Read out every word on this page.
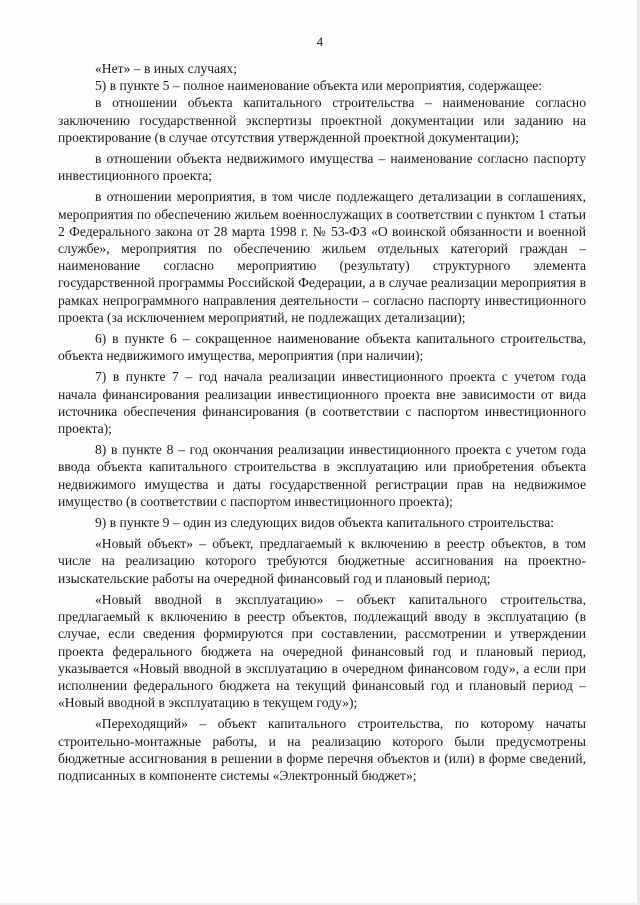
4

«Нет» – в иных случаях;

5) в пункте 5 – полное наименование объекта или мероприятия, содержащее:

в отношении объекта капитального строительства – наименование согласно заключению государственной экспертизы проектной документации или заданию на проектирование (в случае отсутствия утвержденной проектной документации);

в отношении объекта недвижимого имущества – наименование согласно паспорту инвестиционного проекта;

в отношении мероприятия, в том числе подлежащего детализации в соглашениях, мероприятия по обеспечению жильем военнослужащих в соответствии с пунктом 1 статьи 2 Федерального закона от 28 марта 1998 г. № 53-ФЗ «О воинской обязанности и военной службе», мероприятия по обеспечению жильем отдельных категорий граждан – наименование согласно мероприятию (результату) структурного элемента государственной программы Российской Федерации, а в случае реализации мероприятия в рамках непрограммного направления деятельности – согласно паспорту инвестиционного проекта (за исключением мероприятий, не подлежащих детализации);

6) в пункте 6 – сокращенное наименование объекта капитального строительства, объекта недвижимого имущества, мероприятия (при наличии);

7) в пункте 7 – год начала реализации инвестиционного проекта с учетом года начала финансирования реализации инвестиционного проекта вне зависимости от вида источника обеспечения финансирования (в соответствии с паспортом инвестиционного проекта);

8) в пункте 8 – год окончания реализации инвестиционного проекта с учетом года ввода объекта капитального строительства в эксплуатацию или приобретения объекта недвижимого имущества и даты государственной регистрации прав на недвижимое имущество (в соответствии с паспортом инвестиционного проекта);

9) в пункте 9 – один из следующих видов объекта капитального строительства:

«Новый объект» – объект, предлагаемый к включению в реестр объектов, в том числе на реализацию которого требуются бюджетные ассигнования на проектно-изыскательские работы на очередной финансовый год и плановый период;

«Новый вводной в эксплуатацию» – объект капитального строительства, предлагаемый к включению в реестр объектов, подлежащий вводу в эксплуатацию (в случае, если сведения формируются при составлении, рассмотрении и утверждении проекта федерального бюджета на очередной финансовый год и плановый период, указывается «Новый вводной в эксплуатацию в очередном финансовом году», а если при исполнении федерального бюджета на текущий финансовый год и плановый период – «Новый вводной в эксплуатацию в текущем году»);

«Переходящий» – объект капитального строительства, по которому начаты строительно-монтажные работы, и на реализацию которого были предусмотрены бюджетные ассигнования в решении в форме перечня объектов и (или) в форме сведений, подписанных в компоненте системы «Электронный бюджет»;
